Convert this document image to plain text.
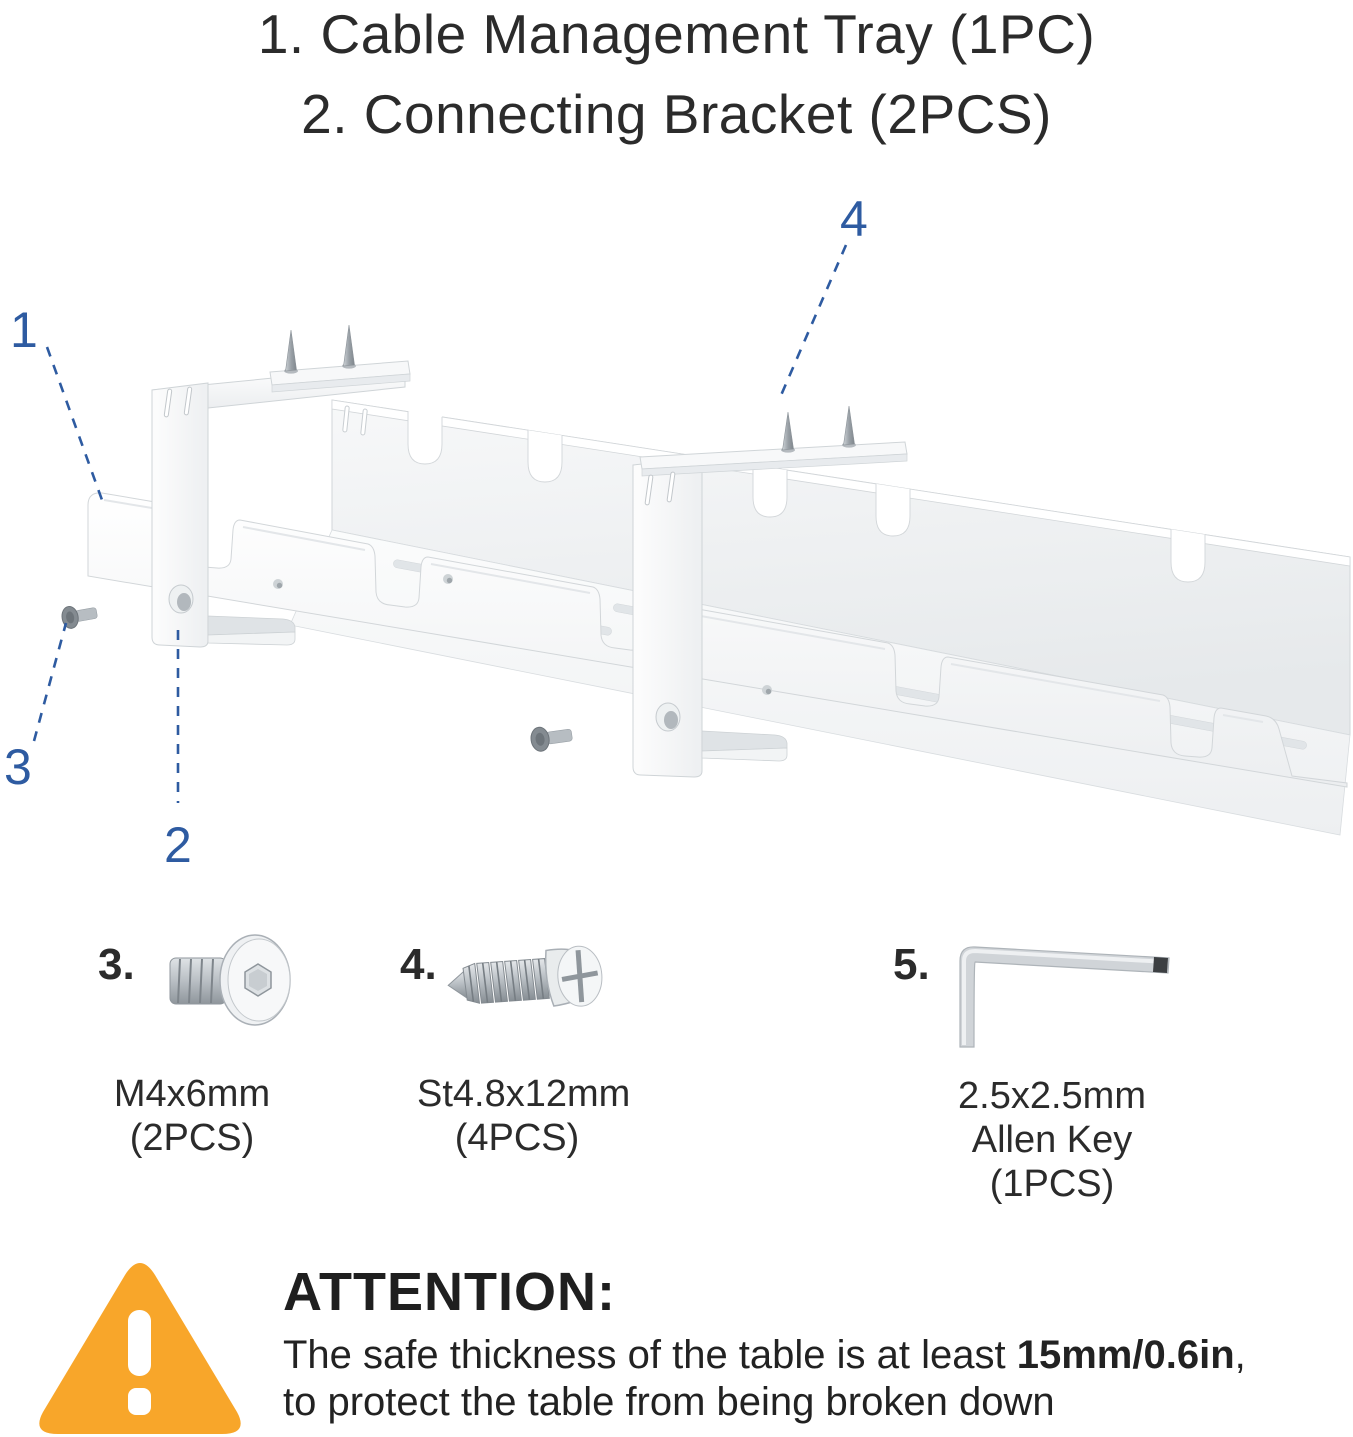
1. Cable Management Tray (1PC)
2. Connecting Bracket (2PCS)
1
2
3
4
3.
M4x6mm
(2PCS)
4.
St4.8x12mm
(4PCS)
5.
2.5x2.5mm
Allen Key
(1PCS)
ATTENTION:
The safe thickness of the table is at least 15mm/0.6in,
to protect the table from being broken down
